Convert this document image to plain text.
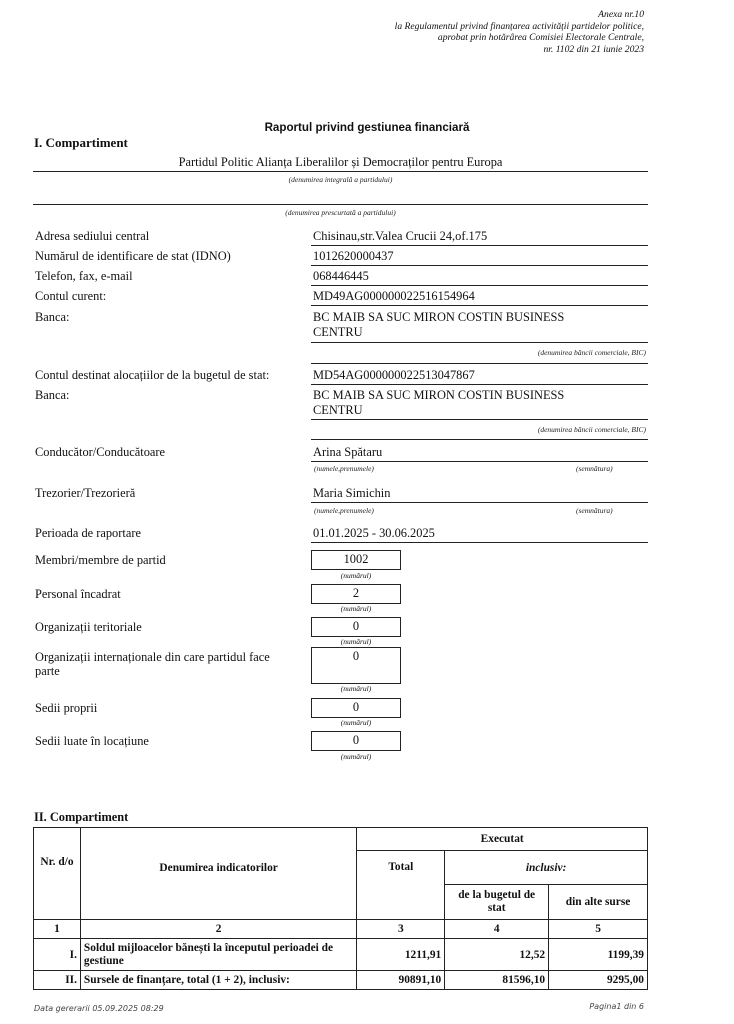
Anexa nr.10
la Regulamentul privind finanțarea activității partidelor politice,
aprobat prin hotărârea Comisiei Electorale Centrale,
nr. 1102 din 21 iunie 2023
Raportul privind gestiunea financiară
I. Compartiment
Partidul Politic Alianța Liberalilor și Democraților pentru Europa
(denumirea integrală a partidului)
(denumirea prescurtată a partidului)
Adresa sediului central	Chisinau,str.Valea Crucii 24,of.175
Numărul de identificare de stat (IDNO)	1012620000437
Telefon, fax, e-mail	068446445
Contul curent:	MD49AG000000022516154964
Banca:	BC MAIB SA SUC MIRON COSTIN BUSINESS
CENTRU
(denumirea băncii comerciale, BIC)
Contul destinat alocațiilor de la bugetul de stat:	MD54AG000000022513047867
Banca:	BC MAIB SA SUC MIRON COSTIN BUSINESS
CENTRU
(denumirea băncii comerciale, BIC)
Conducător/Conducătoare	Arina Spătaru
(numele,prenumele)	(semnătura)
Trezorier/Trezorieră	Maria Simichin
(numele,prenumele)	(semnătura)
Perioada de raportare	01.01.2025 - 30.06.2025
Membri/membre de partid	1002
(numărul)
Personal încadrat	2
(numărul)
Organizații teritoriale	0
(numărul)
Organizații internaționale din care partidul face parte
0
(numărul)
Sedii proprii	0
(numărul)
Sedii luate în locațiune	0
(numărul)
II. Compartiment
Nr. d/o	Denumirea indicatorilor	Executat		
		Total	inclusiv:	
			de la bugetul de stat	din alte surse
1	2	3	4	5
I.	Soldul mijloacelor bănești la începutul perioadei de gestiune	1211,91	12,52	1199,39
II.	Sursele de finanțare, total (1 + 2), inclusiv:	90891,10	81596,10	9295,00
Data gererarii 05.09.2025 08:29	Pagina1 din 6
